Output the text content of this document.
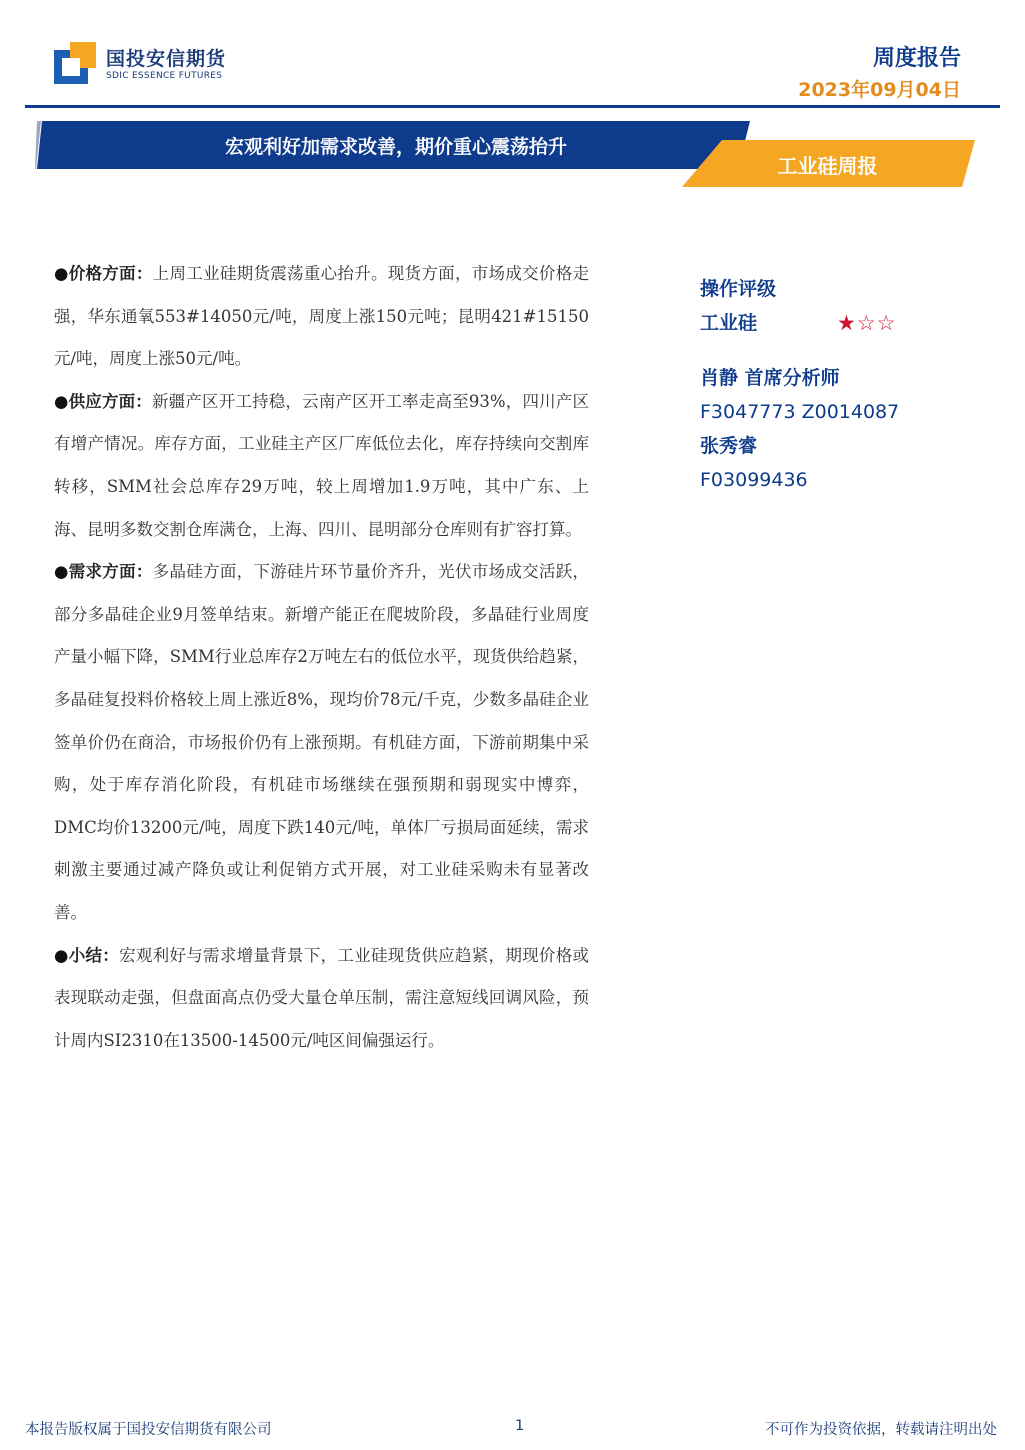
国投安信期货
SDIC ESSENCE FUTURES
周度报告
2023年09月04日
宏观利好加需求改善，期价重心震荡抬升
工业硅周报

●价格方面：上周工业硅期货震荡重心抬升。现货方面，市场成交价格走强，华东通氧553#14050元/吨，周度上涨150元吨；昆明421#15150元/吨，周度上涨50元/吨。

●供应方面：新疆产区开工持稳，云南产区开工率走高至93%，四川产区有增产情况。库存方面，工业硅主产区厂库低位去化，库存持续向交割库转移，SMM社会总库存29万吨，较上周增加1.9万吨，其中广东、上海、昆明多数交割仓库满仓，上海、四川、昆明部分仓库则有扩容打算。

●需求方面：多晶硅方面，下游硅片环节量价齐升，光伏市场成交活跃，部分多晶硅企业9月签单结束。新增产能正在爬坡阶段，多晶硅行业周度产量小幅下降，SMM行业总库存2万吨左右的低位水平，现货供给趋紧，多晶硅复投料价格较上周上涨近8%，现均价78元/千克，少数多晶硅企业签单价仍在商洽，市场报价仍有上涨预期。有机硅方面，下游前期集中采购，处于库存消化阶段，有机硅市场继续在强预期和弱现实中博弈，DMC均价13200元/吨，周度下跌140元/吨，单体厂亏损局面延续，需求刺激主要通过减产降负或让利促销方式开展，对工业硅采购未有显著改善。

●小结：宏观利好与需求增量背景下，工业硅现货供应趋紧，期现价格或表现联动走强，但盘面高点仍受大量仓单压制，需注意短线回调风险，预计周内SI2310在13500-14500元/吨区间偏强运行。

操作评级
工业硅	★☆☆
肖静 首席分析师
F3047773 Z0014087
张秀睿
F03099436
本报告版权属于国投安信期货有限公司	1	不可作为投资依据，转载请注明出处
